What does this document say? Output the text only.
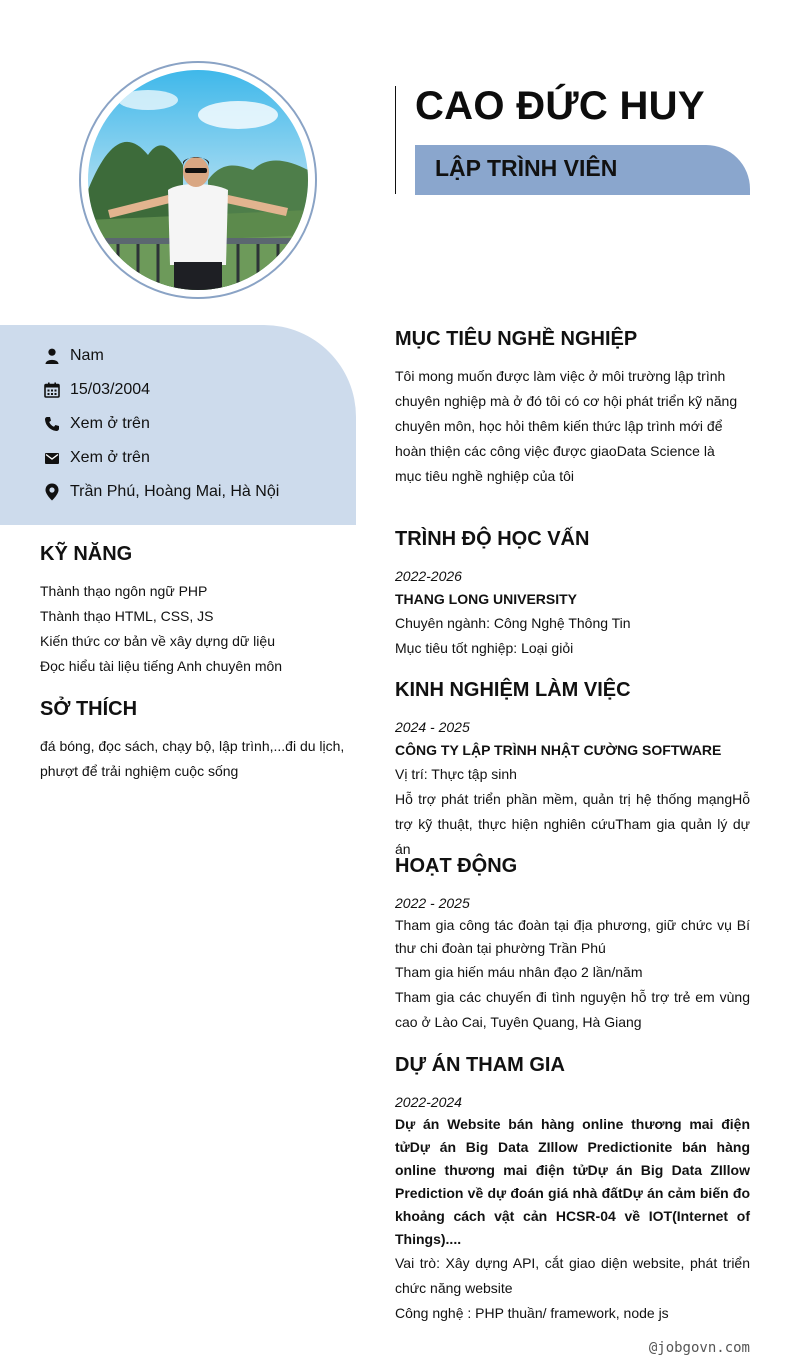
CAO ĐỨC HUY
LẬP TRÌNH VIÊN
Nam
15/03/2004
Xem ở trên
Xem ở trên
Trần Phú, Hoàng Mai, Hà Nội
KỸ NĂNG
Thành thạo ngôn ngữ PHP
Thành thạo HTML, CSS, JS
Kiến thức cơ bản về xây dựng dữ liệu
Đọc hiểu tài liệu tiếng Anh chuyên môn
SỞ THÍCH
đá bóng, đọc sách, chạy bộ, lập trình,...đi du lịch, phượt để trải nghiệm cuộc sống
MỤC TIÊU NGHỀ NGHIỆP
Tôi mong muốn được làm việc ở môi trường lập trình chuyên nghiệp mà ở đó tôi có cơ hội phát triển kỹ năng chuyên môn, học hỏi thêm kiến thức lập trình mới để hoàn thiện các công việc được giaoData Science là mục tiêu nghề nghiệp của tôi
TRÌNH ĐỘ HỌC VẤN
2022-2026
THANG LONG UNIVERSITY
Chuyên ngành: Công Nghệ Thông Tin
Mục tiêu tốt nghiệp: Loại giỏi
KINH NGHIỆM LÀM VIỆC
2024 - 2025
CÔNG TY LẬP TRÌNH NHẬT CƯỜNG SOFTWARE
Vị trí: Thực tập sinh
Hỗ trợ phát triển phần mềm, quản trị hệ thống mạngHỗ trợ kỹ thuật, thực hiện nghiên cứuTham gia quản lý dự án
HOẠT ĐỘNG
2022 - 2025
Tham gia công tác đoàn tại địa phương, giữ chức vụ Bí thư chi đoàn tại phường Trần Phú
Tham gia hiến máu nhân đạo 2 lần/năm
Tham gia các chuyến đi tình nguyện hỗ trợ trẻ em vùng cao ở Lào Cai, Tuyên Quang, Hà Giang
DỰ ÁN THAM GIA
2022-2024
Dự án Website bán hàng online thương mai điện tửDự án Big Data ZIllow Predictionite bán hàng online thương mai điện tửDự án Big Data ZIllow Prediction về dự đoán giá nhà đấtDự án cảm biến đo khoảng cách vật cản HCSR-04 về IOT(Internet of Things)....
Vai trò: Xây dựng API, cắt giao diện website, phát triển chức năng website
Công nghệ : PHP thuần/ framework, node js
@jobgovn.com
